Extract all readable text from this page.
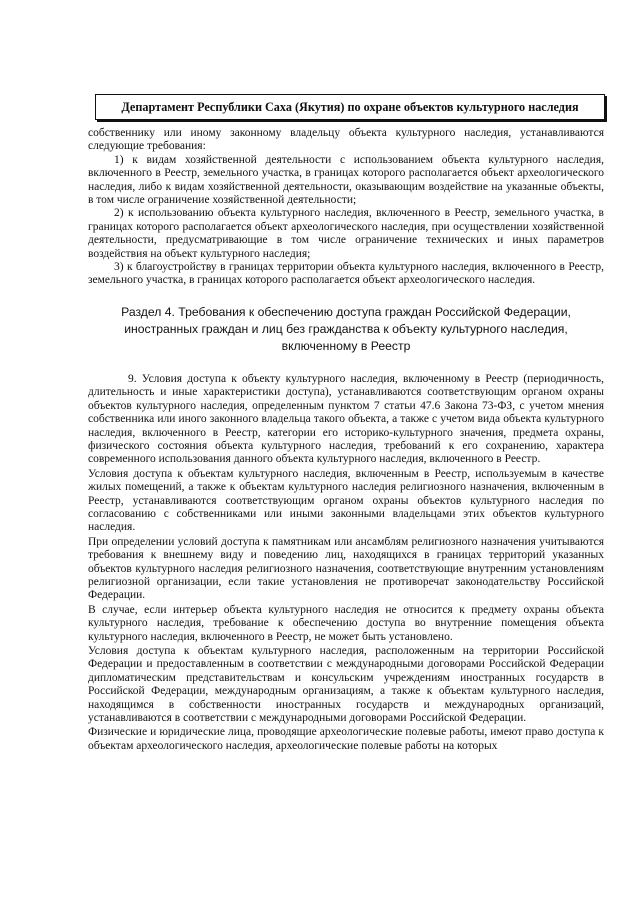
Департамент Республики Саха (Якутия) по охране объектов культурного наследия

собственнику или иному законному владельцу объекта культурного наследия, устанавливаются следующие требования:

1) к видам хозяйственной деятельности с использованием объекта культурного наследия, включенного в Реестр, земельного участка, в границах которого располагается объект археологического наследия, либо к видам хозяйственной деятельности, оказывающим воздействие на указанные объекты, в том числе ограничение хозяйственной деятельности;

2) к использованию объекта культурного наследия, включенного в Реестр, земельного участка, в границах которого располагается объект археологического наследия, при осуществлении хозяйственной деятельности, предусматривающие в том числе ограничение технических и иных параметров воздействия на объект культурного наследия;

3) к благоустройству в границах территории объекта культурного наследия, включенного в Реестр, земельного участка, в границах которого располагается объект археологического наследия.

Раздел 4. Требования к обеспечению доступа граждан Российской Федерации, иностранных граждан и лиц без гражданства к объекту культурного наследия, включенному в Реестр

9. Условия доступа к объекту культурного наследия, включенному в Реестр (периодичность, длительность и иные характеристики доступа), устанавливаются соответствующим органом охраны объектов культурного наследия, определенным пунктом 7 статьи 47.6 Закона 73-ФЗ, с учетом мнения собственника или иного законного владельца такого объекта, а также с учетом вида объекта культурного наследия, включенного в Реестр, категории его историко-культурного значения, предмета охраны, физического состояния объекта культурного наследия, требований к его сохранению, характера современного использования данного объекта культурного наследия, включенного в Реестр.

Условия доступа к объектам культурного наследия, включенным в Реестр, используемым в качестве жилых помещений, а также к объектам культурного наследия религиозного назначения, включенным в Реестр, устанавливаются соответствующим органом охраны объектов культурного наследия по согласованию с собственниками или иными законными владельцами этих объектов культурного наследия.

При определении условий доступа к памятникам или ансамблям религиозного назначения учитываются требования к внешнему виду и поведению лиц, находящихся в границах территорий указанных объектов культурного наследия религиозного назначения, соответствующие внутренним установлениям религиозной организации, если такие установления не противоречат законодательству Российской Федерации.

В случае, если интерьер объекта культурного наследия не относится к предмету охраны объекта культурного наследия, требование к обеспечению доступа во внутренние помещения объекта культурного наследия, включенного в Реестр, не может быть установлено.

Условия доступа к объектам культурного наследия, расположенным на территории Российской Федерации и предоставленным в соответствии с международными договорами Российской Федерации дипломатическим представительствам и консульским учреждениям иностранных государств в Российской Федерации, международным организациям, а также к объектам культурного наследия, находящимся в собственности иностранных государств и международных организаций, устанавливаются в соответствии с международными договорами Российской Федерации.

Физические и юридические лица, проводящие археологические полевые работы, имеют право доступа к объектам археологического наследия, археологические полевые работы на которых
